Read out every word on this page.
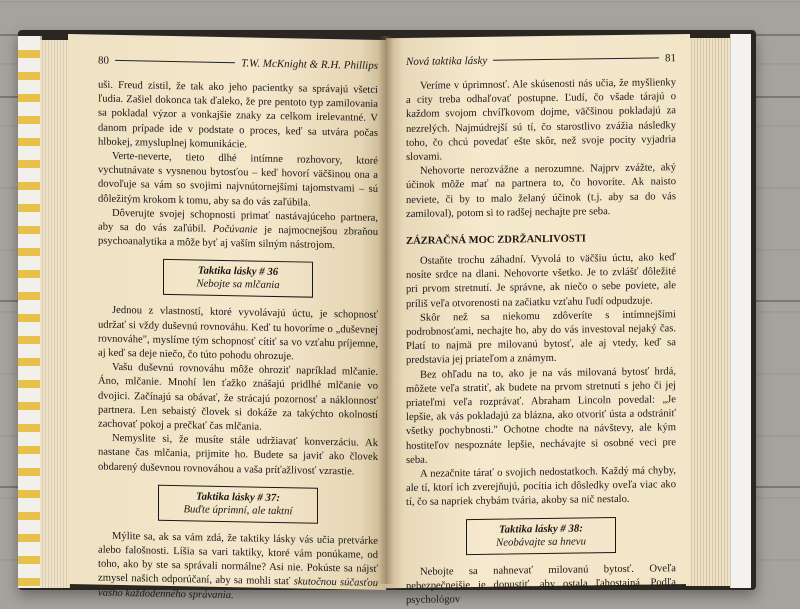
80	T.W. McKnight & R.H. Phillips

uši. Freud zistil, že tak ako jeho pacientky sa správajú všetci ľudia. Zašiel dokonca tak ďaleko, že pre pentoto typ zamilovania sa pokladal výzor a vonkajšie znaky za celkom irelevantné. V danom prípade ide v podstate o proces, keď sa utvára počas hlbokej, zmysluplnej komunikácie.

Verte-neverte, tieto dlhé intímne rozhovory, ktoré vychutnávate s vysnenou bytosťou – keď hovorí väčšinou ona a dovoľuje sa vám so svojimi najvnútornejšími tajomstvami – sú dôležitým krokom k tomu, aby sa do vás zaľúbila.

Dôverujte svojej schopnosti primať nastávajúceho partnera, aby sa do vás zaľúbil. Počúvanie je najmocnejšou zbraňou psychoanalytika a môže byť aj vaším silným nástrojom.

Taktika lásky # 36
Nebojte sa mlčania

Jednou z vlastností, ktoré vyvolávajú úctu, je schopnosť udržať si vždy duševnú rovnováhu. Keď tu hovoríme o „duševnej rovnováhe", myslíme tým schopnosť cítiť sa vo vzťahu príjemne, aj keď sa deje niečo, čo túto pohodu ohrozuje.

Vašu duševnú rovnováhu môže ohroziť napríklad mlčanie. Áno, mlčanie. Mnohí len ťažko znášajú pridlhé mlčanie vo dvojici. Začínajú sa obávať, že strácajú pozornosť a náklonnosť partnera. Len sebaistý človek si dokáže za takýchto okolností zachovať pokoj a prečkať čas mlčania.

Nemyslite si, že musíte stále udržiavať konverzáciu. Ak nastane čas mlčania, prijmite ho. Budete sa javiť ako človek obdarený duševnou rovnováhou a vaša príťažlivosť vzrastie.

Taktika lásky # 37:
Buďte úprimní, ale taktní

Mýlite sa, ak sa vám zdá, že taktiky lásky vás učia pretvárke alebo falošnosti. Líšia sa vari taktiky, ktoré vám ponúkame, od toho, ako by ste sa správali normálne? Asi nie. Pokúste sa nájsť zmysel našich odporúčaní, aby sa mohli stať skutočnou súčasťou vášho každodenného správania.

Nová taktika lásky	81

Veríme v úprimnosť. Ale skúsenosti nás učia, že myšlienky a city treba odhaľovať postupne. Ľudí, čo všade tárajú o každom svojom chvíľkovom dojme, väčšinou pokladajú za nezrelých. Najmúdrejší sú tí, čo starostlivo zvážia následky toho, čo chcú povedať ešte skôr, než svoje pocity vyjadria slovami.

Nehovorte nerozvážne a nerozumne. Najprv zvážte, aký účinok môže mať na partnera to, čo hovoríte. Ak naisto neviete, či by to malo želaný účinok (t.j. aby sa do vás zamiloval), potom si to radšej nechajte pre seba.

ZÁZRAČNÁ MOC ZDRŽANLIVOSTI

Ostaňte trochu záhadní. Vyvolá to väčšiu úctu, ako keď nosíte srdce na dlani. Nehovorte všetko. Je to zvlášť dôležité pri prvom stretnutí. Je správne, ak niečo o sebe poviete, ale príliš veľa otvorenosti na začiatku vzťahu ľudí odpudzuje.

Skôr než sa niekomu zdôveríte s intímnejšími podrobnosťami, nechajte ho, aby do vás investoval nejaký čas. Platí to najmä pre milovanú bytosť, ale aj vtedy, keď sa predstavia jej priateľom a známym.

Bez ohľadu na to, ako je na vás milovaná bytosť hrdá, môžete veľa stratiť, ak budete na prvom stretnutí s jeho či jej priateľmi veľa rozprávať. Abraham Lincoln povedal: „Je lepšie, ak vás pokladajú za blázna, ako otvoriť ústa a odstrániť všetky pochybnosti." Ochotne chodte na návštevy, ale kým hostiteľov nespoznáte lepšie, nechávajte si osobné veci pre seba.

A nezačnite tárať o svojich nedostatkoch. Každý má chyby, ale tí, ktorí ich zverejňujú, pocítia ich dôsledky oveľa viac ako tí, čo sa napriek chybám tvária, akoby sa nič nestalo.

Taktika lásky # 38:
Neobávajte sa hnevu

Nebojte sa nahnevať milovanú bytosť. Oveľa nebezpečnejšie je dopustiť, aby ostala ľahostajná. Podľa psychológov
